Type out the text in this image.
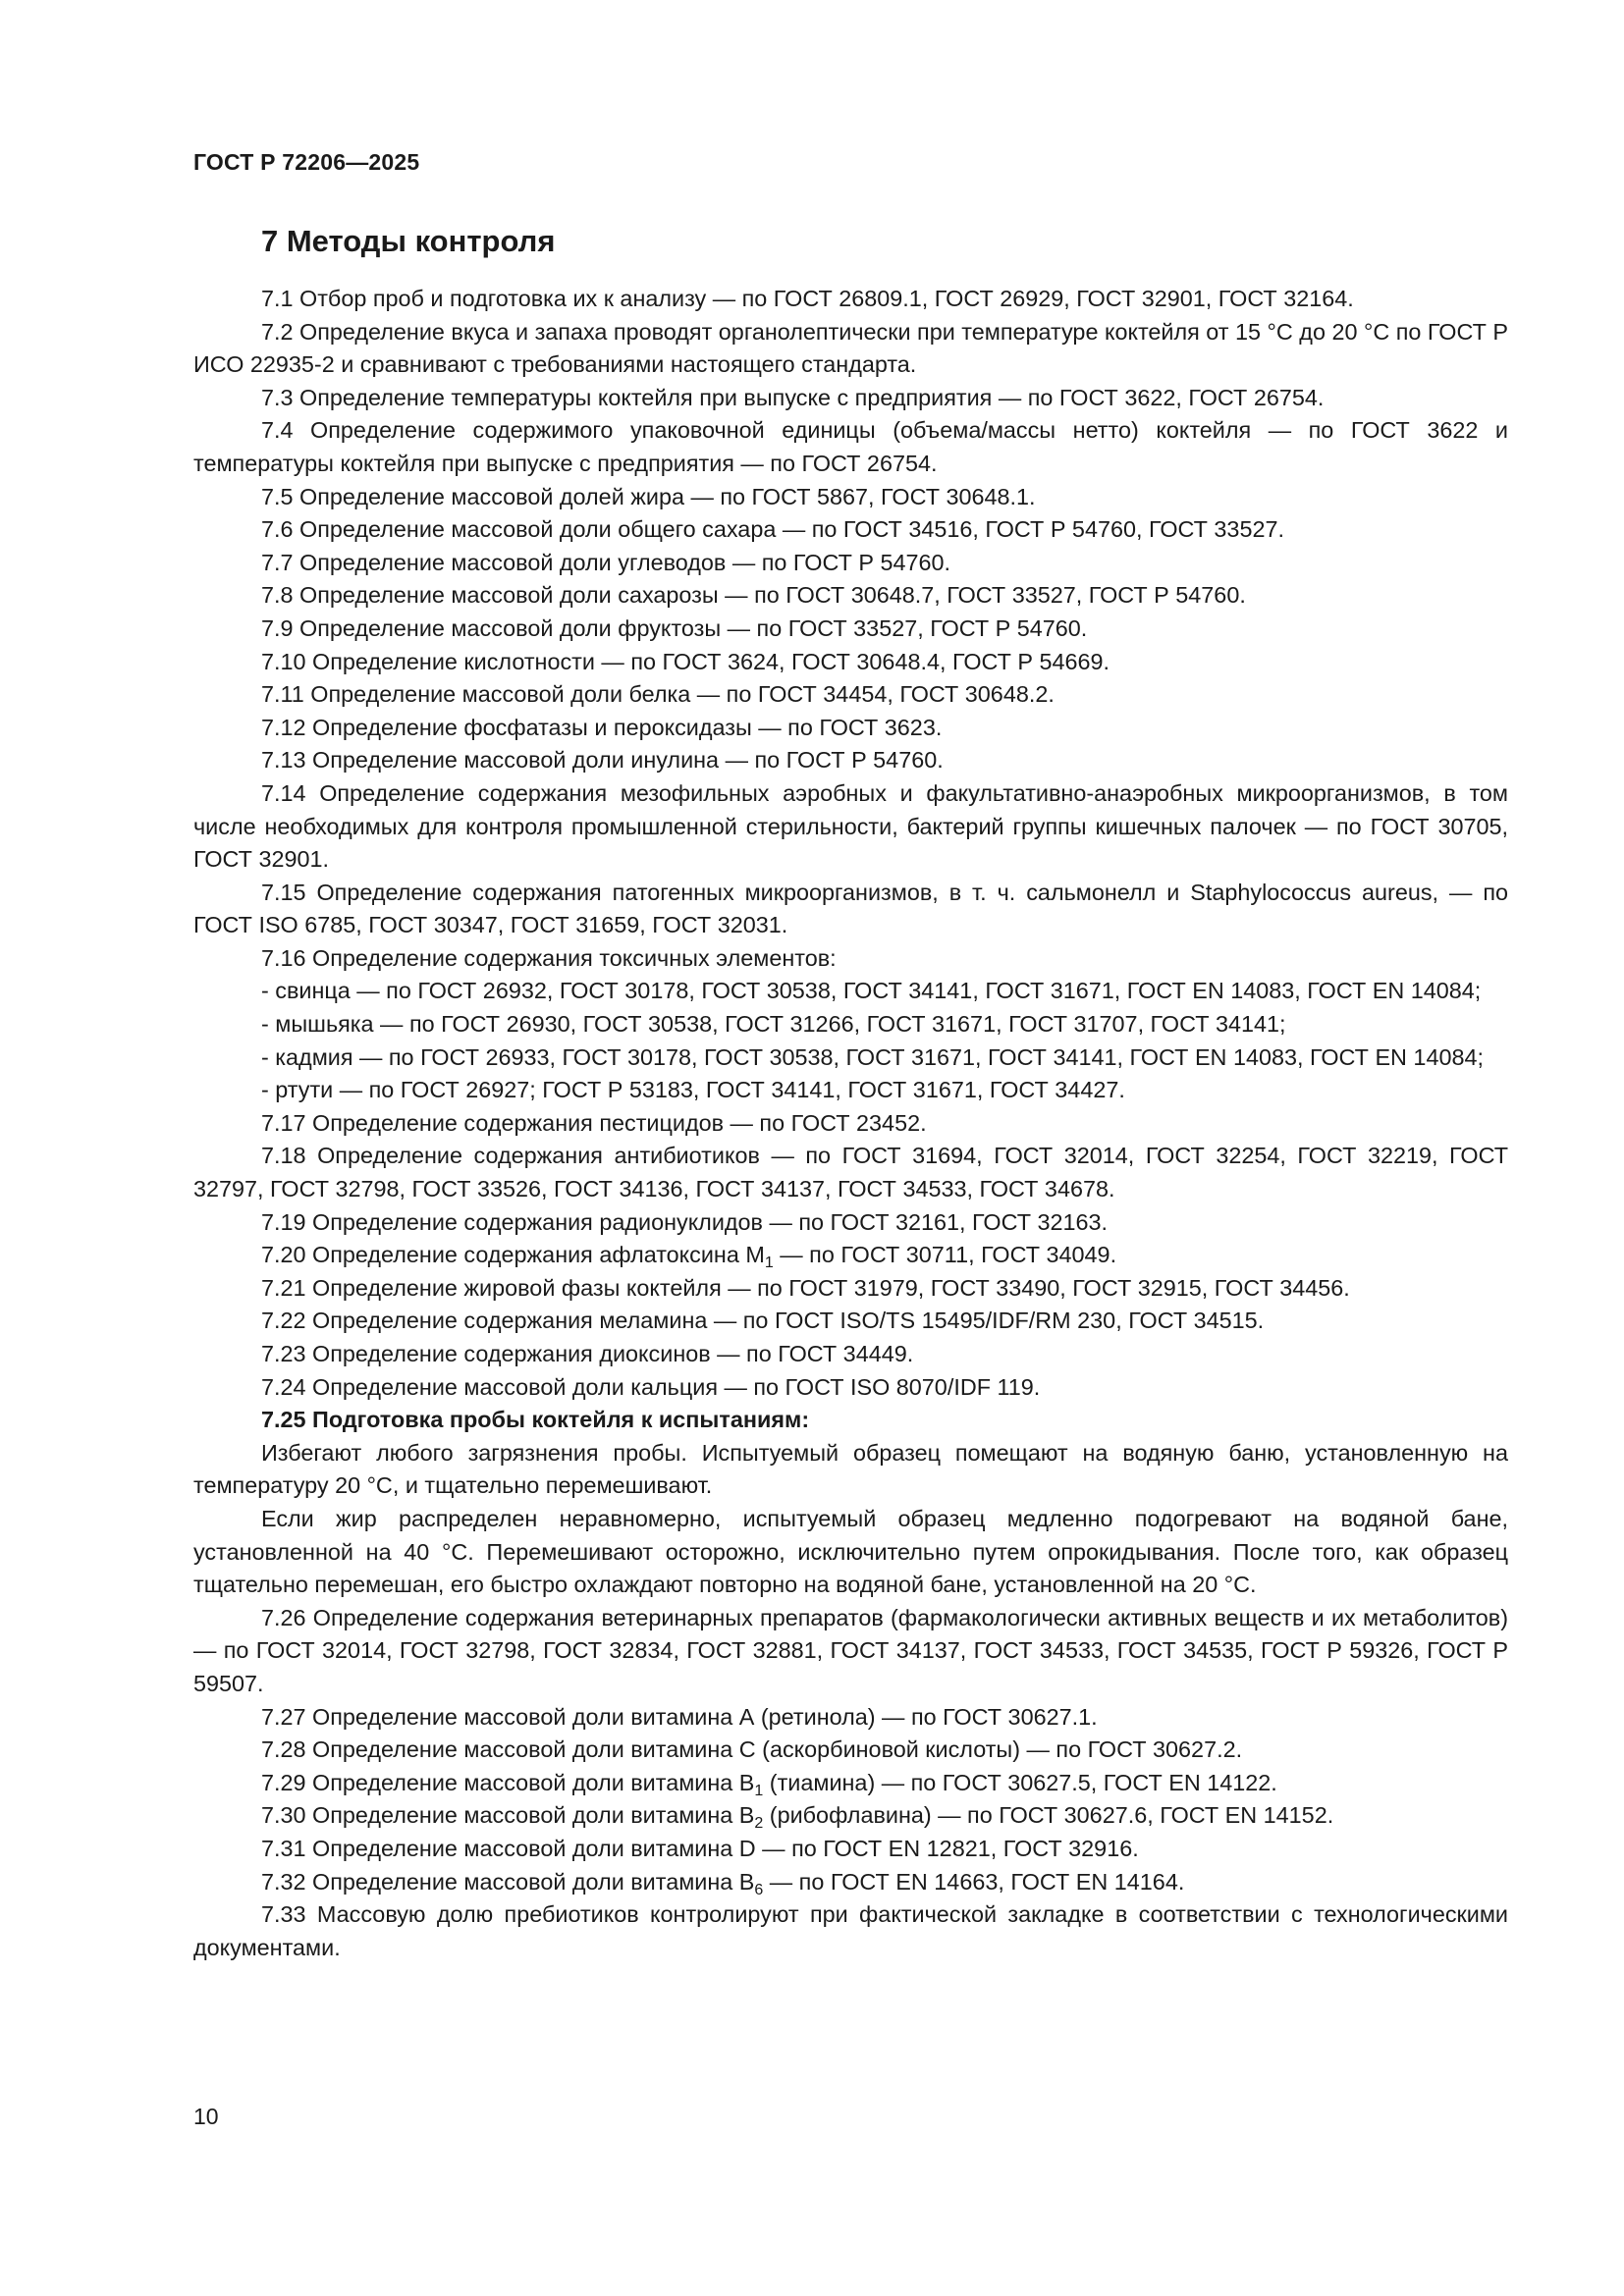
ГОСТ Р 72206—2025
7 Методы контроля

7.1 Отбор проб и подготовка их к анализу — по ГОСТ 26809.1, ГОСТ 26929, ГОСТ 32901, ГОСТ 32164.

7.2 Определение вкуса и запаха проводят органолептически при температуре коктейля от 15 °С до 20 °С по ГОСТ Р ИСО 22935-2 и сравнивают с требованиями настоящего стандарта.

7.3 Определение температуры коктейля при выпуске с предприятия — по ГОСТ 3622, ГОСТ 26754.

7.4 Определение содержимого упаковочной единицы (объема/массы нетто) коктейля — по ГОСТ 3622 и температуры коктейля при выпуске с предприятия — по ГОСТ 26754.

7.5 Определение массовой долей жира — по ГОСТ 5867, ГОСТ 30648.1.

7.6 Определение массовой доли общего сахара — по ГОСТ 34516, ГОСТ Р 54760, ГОСТ 33527.

7.7 Определение массовой доли углеводов — по ГОСТ Р 54760.

7.8 Определение массовой доли сахарозы — по ГОСТ 30648.7, ГОСТ 33527, ГОСТ Р 54760.

7.9 Определение массовой доли фруктозы — по ГОСТ 33527, ГОСТ Р 54760.

7.10 Определение кислотности — по ГОСТ 3624, ГОСТ 30648.4, ГОСТ Р 54669.

7.11 Определение массовой доли белка — по ГОСТ 34454, ГОСТ 30648.2.

7.12 Определение фосфатазы и пероксидазы — по ГОСТ 3623.

7.13 Определение массовой доли инулина — по ГОСТ Р 54760.

7.14 Определение содержания мезофильных аэробных и факультативно-анаэробных микроорганизмов, в том числе необходимых для контроля промышленной стерильности, бактерий группы кишечных палочек — по ГОСТ 30705, ГОСТ 32901.

7.15 Определение содержания патогенных микроорганизмов, в т. ч. сальмонелл и Staphylococcus aureus, — по ГОСТ ISO 6785, ГОСТ 30347, ГОСТ 31659, ГОСТ 32031.

7.16 Определение содержания токсичных элементов:

- свинца — по ГОСТ 26932, ГОСТ 30178, ГОСТ 30538, ГОСТ 34141, ГОСТ 31671, ГОСТ EN 14083, ГОСТ EN 14084;

- мышьяка — по ГОСТ 26930, ГОСТ 30538, ГОСТ 31266, ГОСТ 31671, ГОСТ 31707, ГОСТ 34141;

- кадмия — по ГОСТ 26933, ГОСТ 30178, ГОСТ 30538, ГОСТ 31671, ГОСТ 34141, ГОСТ EN 14083, ГОСТ EN 14084;

- ртути — по ГОСТ 26927; ГОСТ Р 53183, ГОСТ 34141, ГОСТ 31671, ГОСТ 34427.

7.17 Определение содержания пестицидов — по ГОСТ 23452.

7.18 Определение содержания антибиотиков — по ГОСТ 31694, ГОСТ 32014, ГОСТ 32254, ГОСТ 32219, ГОСТ 32797, ГОСТ 32798, ГОСТ 33526, ГОСТ 34136, ГОСТ 34137, ГОСТ 34533, ГОСТ 34678.

7.19 Определение содержания радионуклидов — по ГОСТ 32161, ГОСТ 32163.

7.20 Определение содержания афлатоксина $М_1$ — по ГОСТ 30711, ГОСТ 34049.

7.21 Определение жировой фазы коктейля — по ГОСТ 31979, ГОСТ 33490, ГОСТ 32915, ГОСТ 34456.

7.22 Определение содержания меламина — по ГОСТ ISO/TS 15495/IDF/RM 230, ГОСТ 34515.

7.23 Определение содержания диоксинов — по ГОСТ 34449.

7.24 Определение массовой доли кальция — по ГОСТ ISO 8070/IDF 119.

7.25 Подготовка пробы коктейля к испытаниям:

Избегают любого загрязнения пробы. Испытуемый образец помещают на водяную баню, установленную на температуру 20 °С, и тщательно перемешивают.

Если жир распределен неравномерно, испытуемый образец медленно подогревают на водяной бане, установленной на 40 °С. Перемешивают осторожно, исключительно путем опрокидывания. После того, как образец тщательно перемешан, его быстро охлаждают повторно на водяной бане, установленной на 20 °С.

7.26 Определение содержания ветеринарных препаратов (фармакологически активных веществ и их метаболитов) — по ГОСТ 32014, ГОСТ 32798, ГОСТ 32834, ГОСТ 32881, ГОСТ 34137, ГОСТ 34533, ГОСТ 34535, ГОСТ Р 59326, ГОСТ Р 59507.

7.27 Определение массовой доли витамина А (ретинола) — по ГОСТ 30627.1.

7.28 Определение массовой доли витамина С (аскорбиновой кислоты) — по ГОСТ 30627.2.

7.29 Определение массовой доли витамина $В_1$ (тиамина) — по ГОСТ 30627.5, ГОСТ EN 14122.

7.30 Определение массовой доли витамина $В_2$ (рибофлавина) — по ГОСТ 30627.6, ГОСТ EN 14152.

7.31 Определение массовой доли витамина D — по ГОСТ EN 12821, ГОСТ 32916.

7.32 Определение массовой доли витамина $В_6$ — по ГОСТ EN 14663, ГОСТ EN 14164.

7.33 Массовую долю пребиотиков контролируют при фактической закладке в соответствии с технологическими документами.

10
